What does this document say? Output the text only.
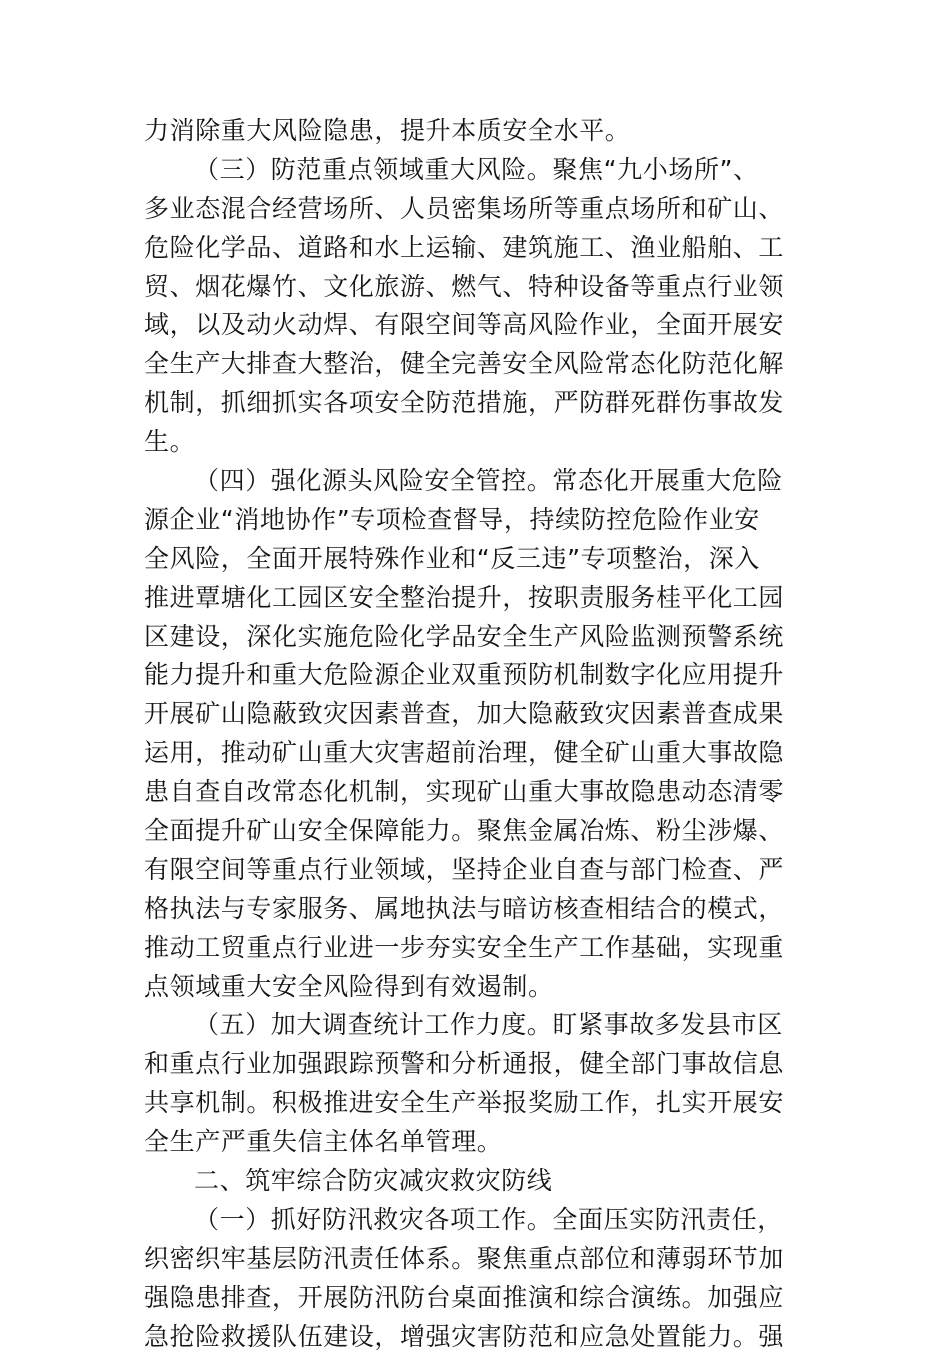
力消除重大风险隐患，提升本质安全水平。
（三）防范重点领域重大风险。聚焦“九小场所”、
多业态混合经营场所、人员密集场所等重点场所和矿山、
危险化学品、道路和水上运输、建筑施工、渔业船舶、工
贸、烟花爆竹、文化旅游、燃气、特种设备等重点行业领
域，以及动火动焊、有限空间等高风险作业，全面开展安
全生产大排查大整治，健全完善安全风险常态化防范化解
机制，抓细抓实各项安全防范措施，严防群死群伤事故发
生。
（四）强化源头风险安全管控。常态化开展重大危险
源企业“消地协作”专项检查督导，持续防控危险作业安
全风险，全面开展特殊作业和“反三违”专项整治，深入
推进覃塘化工园区安全整治提升，按职责服务桂平化工园
区建设，深化实施危险化学品安全生产风险监测预警系统
能力提升和重大危险源企业双重预防机制数字化应用提升
开展矿山隐蔽致灾因素普查，加大隐蔽致灾因素普查成果
运用，推动矿山重大灾害超前治理，健全矿山重大事故隐
患自查自改常态化机制，实现矿山重大事故隐患动态清零
全面提升矿山安全保障能力。聚焦金属冶炼、粉尘涉爆、
有限空间等重点行业领域，坚持企业自查与部门检查、严
格执法与专家服务、属地执法与暗访核查相结合的模式，
推动工贸重点行业进一步夯实安全生产工作基础，实现重
点领域重大安全风险得到有效遏制。
（五）加大调查统计工作力度。盯紧事故多发县市区
和重点行业加强跟踪预警和分析通报，健全部门事故信息
共享机制。积极推进安全生产举报奖励工作，扎实开展安
全生产严重失信主体名单管理。
二、筑牢综合防灾减灾救灾防线
（一）抓好防汛救灾各项工作。全面压实防汛责任，
织密织牢基层防汛责任体系。聚焦重点部位和薄弱环节加
强隐患排查，开展防汛防台桌面推演和综合演练。加强应
急抢险救援队伍建设，增强灾害防范和应急处置能力。强
